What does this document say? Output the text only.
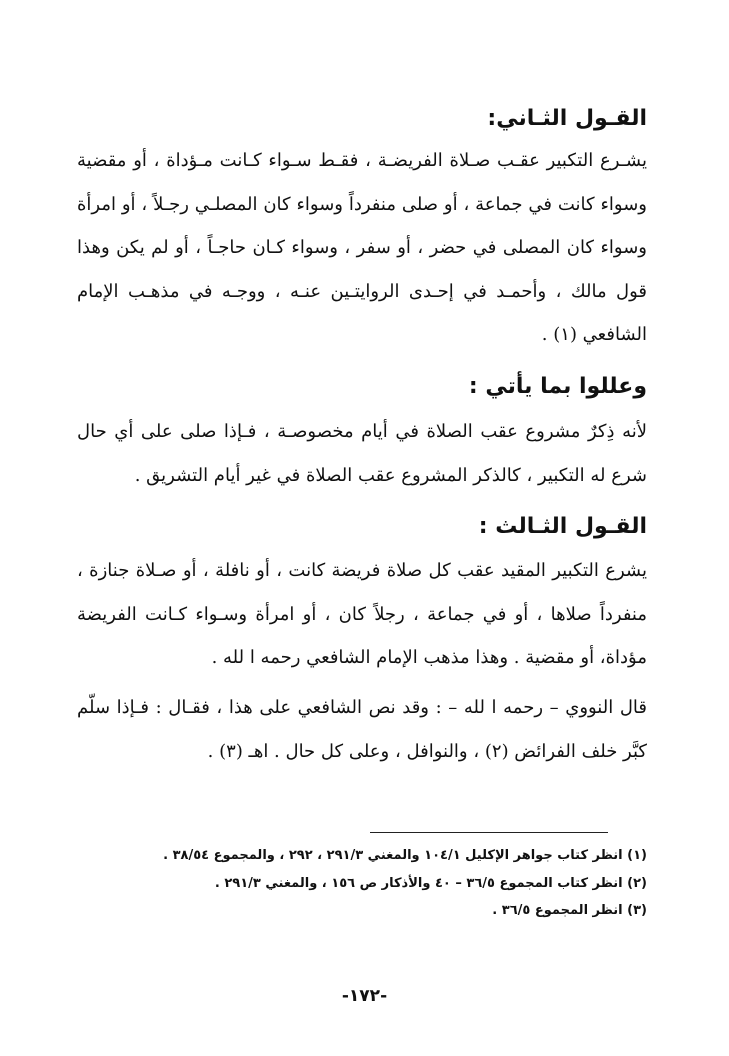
القـول الثـاني:

يشـرع التكبير عقـب صـلاة الفريضـة ، فقـط سـواء كـانت مـؤداة ، أو مقضية وسواء كانت في جماعة ، أو صلى منفرداً وسواء كان المصلـي رجـلاً ، أو امرأة وسواء كان المصلى في حضر ، أو سفر ، وسواء كـان حاجـاً ، أو لم يكن وهذا قول مالك ، وأحمـد في إحـدى الروايتـين عنـه ، ووجـه في مذهـب الإمام الشافعي (١) .

وعللوا بما يأتي :

لأنه ذِكرٌ مشروع عقب الصلاة في أيام مخصوصـة ، فـإذا صلى على أي حال شرع له التكبير ، كالذكر المشروع عقب الصلاة في غير أيام التشريق .

القـول الثـالث :

يشرع التكبير المقيد عقب كل صلاة فريضة كانت ، أو نافلة ، أو صـلاة جنازة ، منفرداً صلاها ، أو في جماعة ، رجلاً كان ، أو امرأة وسـواء كـانت الفريضة مؤداة، أو مقضية . وهذا مذهب الإمام الشافعي رحمه ا لله .

قال النووي – رحمه ا لله – : وقد نص الشافعي على هذا ، فقـال : فـإذا سلّم كبَّر خلف الفرائض (٢) ، والنوافل ، وعلى كل حال . اهـ (٣) .

(١) انظر كتاب جواهر الإكليل ١٠٤/١ والمغني ٢٩١/٣ ، ٢٩٢ ، والمجموع ٣٨/٥٤ .
(٢) انظر كتاب المجموع ٣٦/٥ – ٤٠ والأذكار ص ١٥٦ ، والمغني ٢٩١/٣ .
(٣) انظر المجموع ٣٦/٥ .
-١٧٢-
